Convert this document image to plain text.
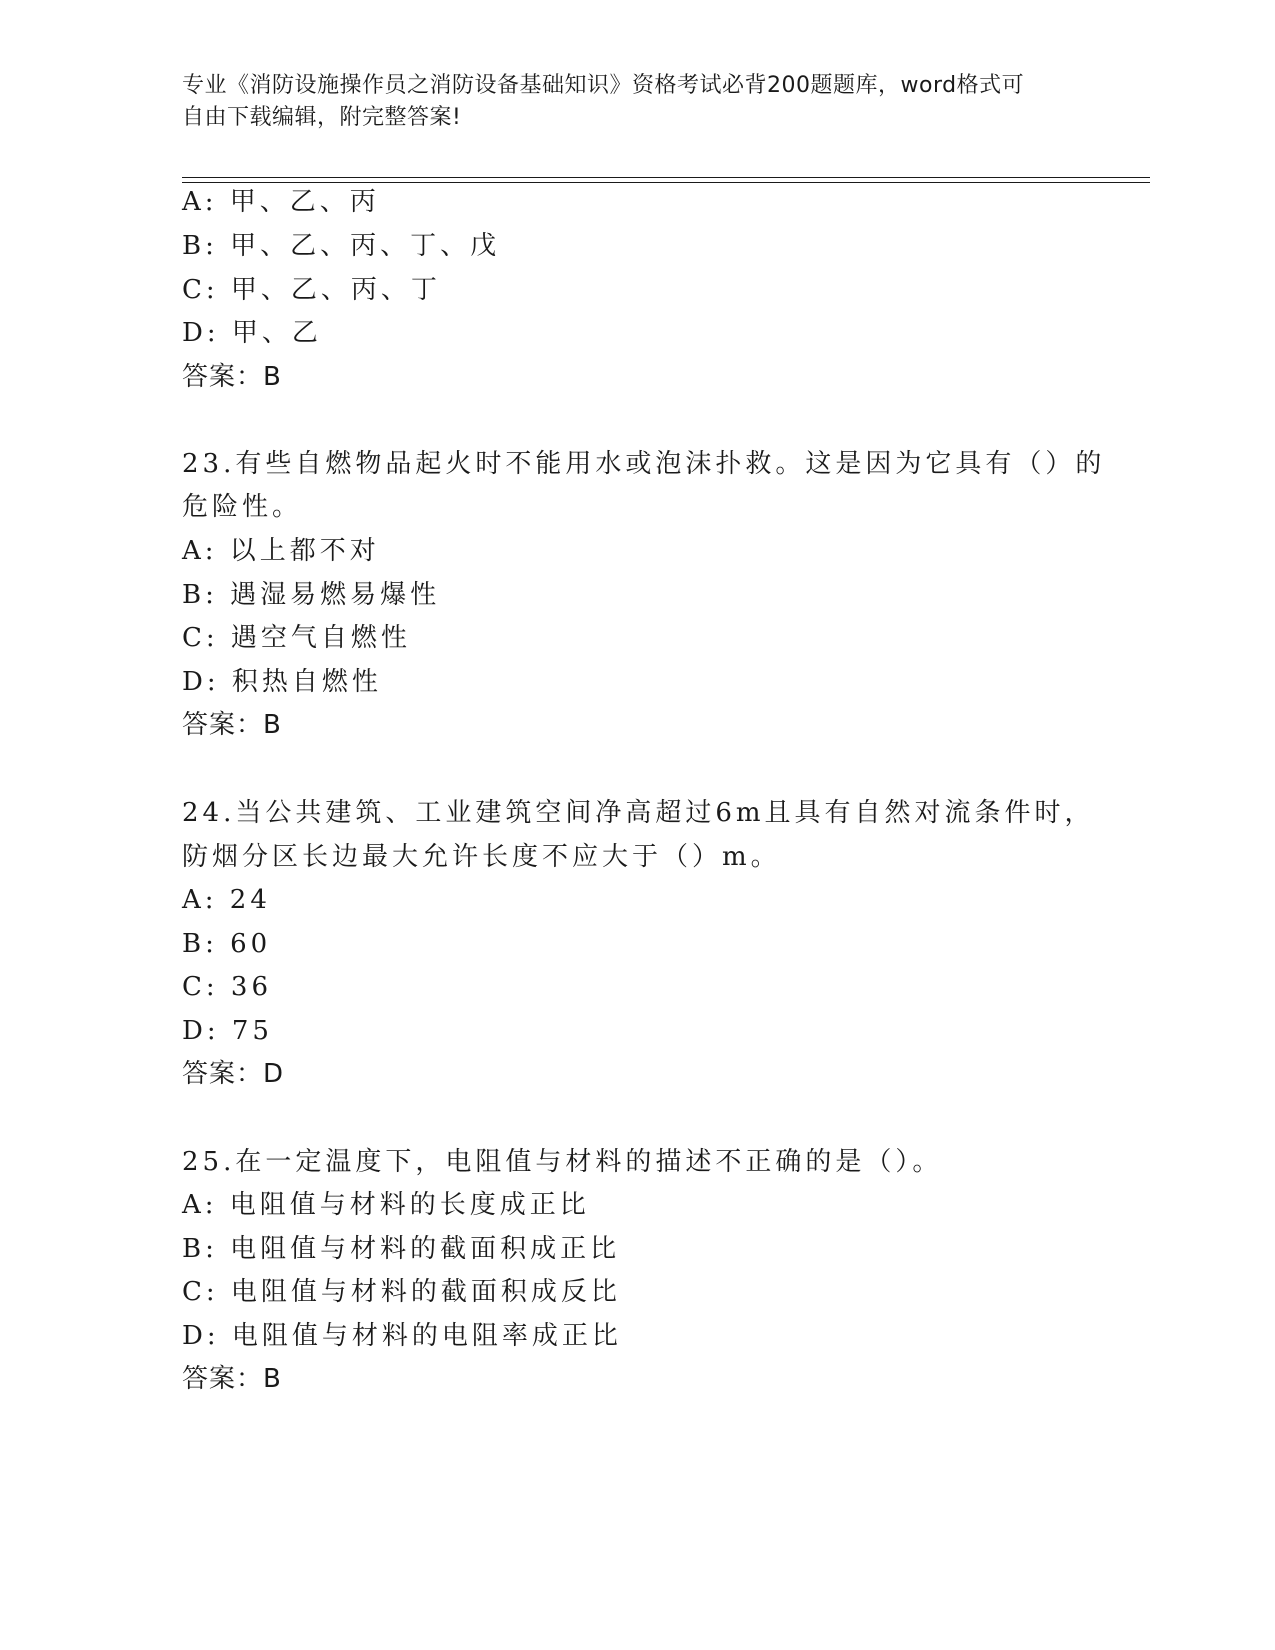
专业《消防设施操作员之消防设备基础知识》资格考试必背200题题库，word格式可自由下载编辑，附完整答案!
A: 甲、乙、丙
B: 甲、乙、丙、丁、戊
C: 甲、乙、丙、丁
D: 甲、乙
答案：B
23.有些自燃物品起火时不能用水或泡沫扑救。这是因为它具有（）的
危险性。
A: 以上都不对
B: 遇湿易燃易爆性
C: 遇空气自燃性
D: 积热自燃性
答案：B
24.当公共建筑、工业建筑空间净高超过6m且具有自然对流条件时，
防烟分区长边最大允许长度不应大于（）m。
A: 24
B: 60
C: 36
D: 75
答案：D
25.在一定温度下，电阻值与材料的描述不正确的是（）。
A: 电阻值与材料的长度成正比
B: 电阻值与材料的截面积成正比
C: 电阻值与材料的截面积成反比
D: 电阻值与材料的电阻率成正比
答案：B
